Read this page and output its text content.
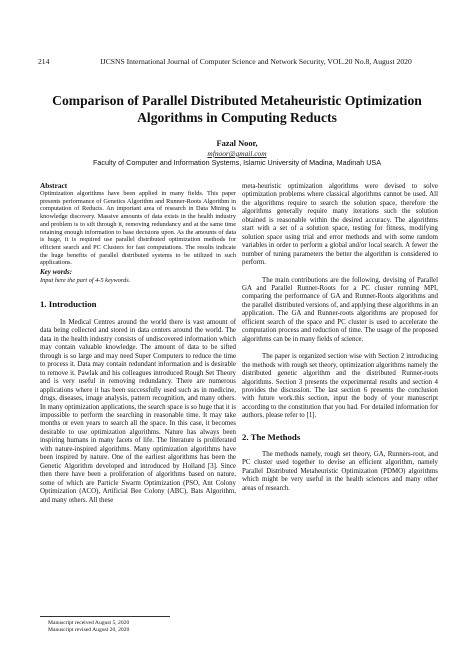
214	IJCSNS International Journal of Computer Science and Network Security, VOL.20 No.8, August 2020
Comparison of Parallel Distributed Metaheuristic Optimization Algorithms in Computing Reducts
Fazal Noor,
mfnoor@gmail.com
Faculty of Computer and Information Systems, Islamic University of Madina, Madinah USA
Abstract

Optimization algorithms have been applied in many fields. This paper presents performance of Genetics Algorithm and Runner-Roots Algorithm in computation of Reducts. An important area of research in Data Mining is knowledge discovery. Massive amounts of data exists in the health industry and problem is to sift through it, removing redundancy and at the same time retaining enough information to base decisions upon. As the amounts of data is huge, it is required use parallel distributed optimization methods for efficient search and PC Clusters for fast computations. The results indicate the huge benefits of parallel distributed systems to be utilized in such applications.

Key words:

Input here the part of 4-5 keywords.

1. Introduction

In Medical Centres around the world there is vast amount of data being collected and stored in data centers around the world. The data in the health industry consists of undiscovered information which may contain valuable knowledge. The amount of data to be sifted through is so large and may need Super Computers to reduce the time to process it. Data may contain redundant information and is desirable to remove it. Pawlak and his colleagues introduced Rough Set Theory and is very useful in removing redundancy. There are numerous applications where it has been successfully used such as in medicine, drugs, diseases, image analysis, pattern recognition, and many others. In many optimization applications, the search space is so huge that it is impossible to perform the searching in reasonable time. It may take months or even years to search all the space. In this case, it becomes desirable to use optimization algorithms. Nature has always been inspiring humans in many facets of life. The literature is proliferated with nature-inspired algorithms. Many optimization algorithms have been inspired by nature. One of the earliest algorithms has been the Genetic Algorithm developed and introduced by Holland [3]. Since then there have been a proliferation of algorithms based on nature, some of which are Particle Swarm Optimization (PSO, Ant Colony Optimization (ACO), Artificial Bee Colony (ABC), Bats Algorithm, and many others. All these

meta-heuristic optimization algorithms were devised to solve optimization problems where classical algorithms cannot be used. All the algorithms require to search the solution space, therefore the algorithms generally require many iterations such the solution obtained is reasonable within the desired accuracy. The algorithms start with a set of a solution space, testing for fitness, modifying solution space using trial and error methods and with some random variables in order to perform a global and/or local search. A fewer the number of tuning parameters the better the algorithm is considered to perform.

The main contributions are the following, devising of Parallel GA and Parallel Runner-Roots for a PC cluster running MPI, comparing the performance of GA and Runner-Roots algorithms and the parallel distributed versions of, and applying these algorithms in an application. The GA and Runner-roots algorithms are proposed for efficient search of the space and PC cluster is used to accelerate the computation process and reduction of time. The usage of the proposed algorithms can be in many fields of science.

The paper is organized section wise with Section 2 introducing the methods with rough set theory, optimization algorithms namely the distributed genetic algorithm and the distributed Runner-roots algorithms. Section 3 presents the experimental results and section 4 provides the discussion. The last section 6 presents the conclusion with future work.this section, input the body of your manuscript according to the constitution that you had. For detailed information for authors, please refer to [1].

2. The Methods

The methods namely, rough set theory, GA, Runners-root, and PC cluster used together to devise an efficient algorithm, namely Parallel Distributed Metaheuristic Optimization (PDMO) algorithms which might be very useful in the health sciences and many other areas of research.

Manuscript received August 5, 2020
Manuscript revised August 20, 2020
